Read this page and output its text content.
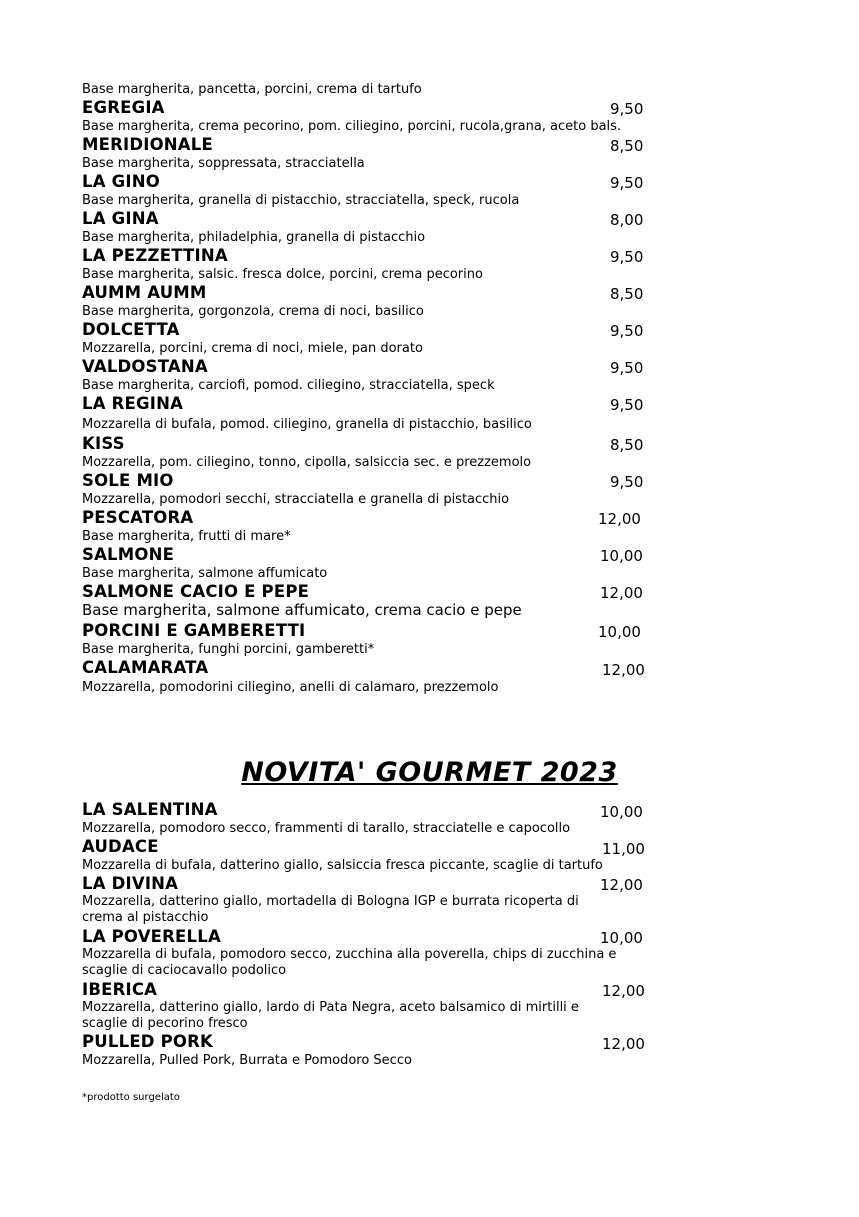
Base margherita, pancetta, porcini, crema di tartufo
EGREGIA	9,50
Base margherita, crema pecorino, pom. ciliegino, porcini, rucola,grana, aceto bals.
MERIDIONALE	8,50
Base margherita, soppressata, stracciatella
LA GINO	9,50
Base margherita, granella di pistacchio, stracciatella, speck, rucola
LA GINA	8,00
Base margherita, philadelphia, granella di pistacchio
LA PEZZETTINA	9,50
Base margherita, salsic. fresca dolce, porcini, crema pecorino
AUMM AUMM	8,50
Base margherita, gorgonzola, crema di noci, basilico
DOLCETTA	9,50
Mozzarella, porcini, crema di noci, miele, pan dorato
VALDOSTANA	9,50
Base margherita, carciofi, pomod. ciliegino, stracciatella, speck
LA REGINA	9,50
Mozzarella di bufala, pomod. ciliegino, granella di pistacchio, basilico
KISS	8,50
Mozzarella, pom. ciliegino, tonno, cipolla, salsiccia sec. e prezzemolo
SOLE MIO	9,50
Mozzarella, pomodori secchi, stracciatella e granella di pistacchio
PESCATORA	12,00
Base margherita, frutti di mare*
SALMONE	10,00
Base margherita, salmone affumicato
SALMONE CACIO E PEPE	12,00
Base margherita, salmone affumicato, crema cacio e pepe
PORCINI E GAMBERETTI	10,00
Base margherita, funghi porcini, gamberetti*
CALAMARATA	12,00
Mozzarella, pomodorini ciliegino, anelli di calamaro, prezzemolo
NOVITA' GOURMET 2023
LA SALENTINA	10,00
Mozzarella, pomodoro secco, frammenti di tarallo, stracciatelle e capocollo
AUDACE	11,00
Mozzarella di bufala, datterino giallo, salsiccia fresca piccante, scaglie di tartufo
LA DIVINA	12,00
Mozzarella, datterino giallo, mortadella di Bologna IGP e burrata ricoperta di
crema al pistacchio
LA POVERELLA	10,00
Mozzarella di bufala, pomodoro secco, zucchina alla poverella, chips di zucchina e
scaglie di caciocavallo podolico
IBERICA	12,00
Mozzarella, datterino giallo, lardo di Pata Negra, aceto balsamico di mirtilli e
scaglie di pecorino fresco
PULLED PORK	12,00
Mozzarella, Pulled Pork, Burrata e Pomodoro Secco
*prodotto surgelato
